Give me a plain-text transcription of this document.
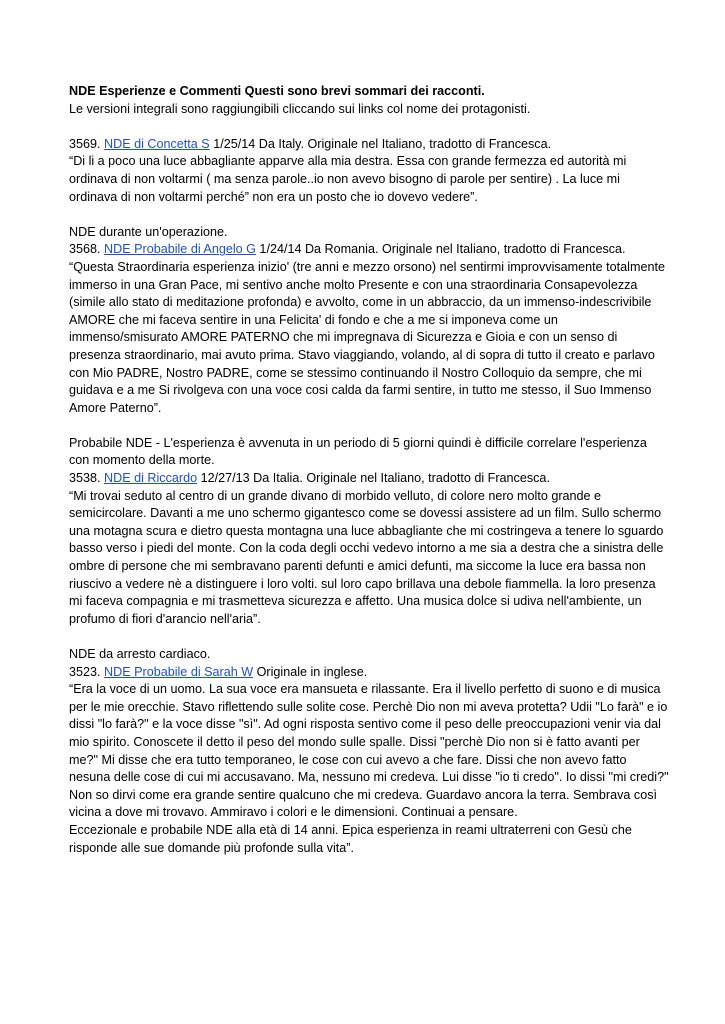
NDE Esperienze e Commenti Questi sono brevi sommari dei racconti.

Le versioni integrali sono raggiungibili cliccando sui links col nome dei protagonisti.

3569. NDE di Concetta S 1/25/14 Da Italy. Originale nel Italiano, tradotto di Francesca.

“Di li a poco una luce abbagliante apparve alla mia destra. Essa con grande fermezza ed autorità mi ordinava di non voltarmi ( ma senza parole..io non avevo bisogno di parole per sentire) . La luce mi ordinava di non voltarmi perché” non era un posto che io dovevo vedere”.

NDE durante un'operazione.

3568. NDE Probabile di Angelo G 1/24/14 Da Romania. Originale nel Italiano, tradotto di Francesca.

“Questa Straordinaria esperienza inizio' (tre anni e mezzo orsono) nel sentirmi improvvisamente totalmente immerso in una Gran Pace, mi sentivo anche molto Presente e con una straordinaria Consapevolezza (simile allo stato di meditazione profonda) e avvolto, come in un abbraccio, da un immenso-indescrivibile AMORE che mi faceva sentire in una Felicita' di fondo e che a me si imponeva come un immenso/smisurato AMORE PATERNO che mi impregnava di Sicurezza e Gioia e con un senso di presenza straordinario, mai avuto prima. Stavo viaggiando, volando, al di sopra di tutto il creato e parlavo con Mio PADRE, Nostro PADRE, come se stessimo continuando il Nostro Colloquio da sempre, che mi guidava e a me Si rivolgeva con una voce cosi calda da farmi sentire, in tutto me stesso, il Suo Immenso Amore Paterno”.

Probabile NDE - L'esperienza è avvenuta in un periodo di 5 giorni quindi è difficile correlare l'esperienza con momento della morte.

3538. NDE di Riccardo 12/27/13 Da Italia. Originale nel Italiano, tradotto di Francesca.

“Mi trovai seduto al centro di un grande divano di morbido velluto, di colore nero molto grande e semicircolare. Davanti a me uno schermo gigantesco come se dovessi assistere ad un film. Sullo schermo una motagna scura e dietro questa montagna una luce abbagliante che mi costringeva a tenere lo sguardo basso verso i piedi del monte. Con la coda degli occhi vedevo intorno a me sia a destra che a sinistra delle ombre di persone che mi sembravano parenti defunti e amici defunti, ma siccome la luce era bassa non riuscivo a vedere nè a distinguere i loro volti. sul loro capo brillava una debole fiammella. la loro presenza mi faceva compagnia e mi trasmetteva sicurezza e affetto. Una musica dolce si udiva nell'ambiente, un profumo di fiori d'arancio nell'aria”.

NDE da arresto cardiaco.

3523. NDE Probabile di Sarah W Originale in inglese.

“Era la voce di un uomo. La sua voce era mansueta e rilassante. Era il livello perfetto di suono e di musica per le mie orecchie. Stavo riflettendo sulle solite cose. Perchè Dio non mi aveva protetta? Udii "Lo farà" e io dissi "lo farà?" e la voce disse "sì". Ad ogni risposta sentivo come il peso delle preoccupazioni venir via dal mio spirito. Conoscete il detto il peso del mondo sulle spalle. Dissi "perchè Dio non si è fatto avanti per me?" Mi disse che era tutto temporaneo, le cose con cui avevo a che fare. Dissi che non avevo fatto nesuna delle cose di cui mi accusavano. Ma, nessuno mi credeva. Lui disse "io ti credo". Io dissi "mi credi?" Non so dirvi come era grande sentire qualcuno che mi credeva. Guardavo ancora la terra. Sembrava così vicina a dove mi trovavo. Ammiravo i colori e le dimensioni. Continuai a pensare.

Eccezionale e probabile NDE alla età di 14 anni. Epica esperienza in reami ultraterreni con Gesù che risponde alle sue domande più profonde sulla vita”.
